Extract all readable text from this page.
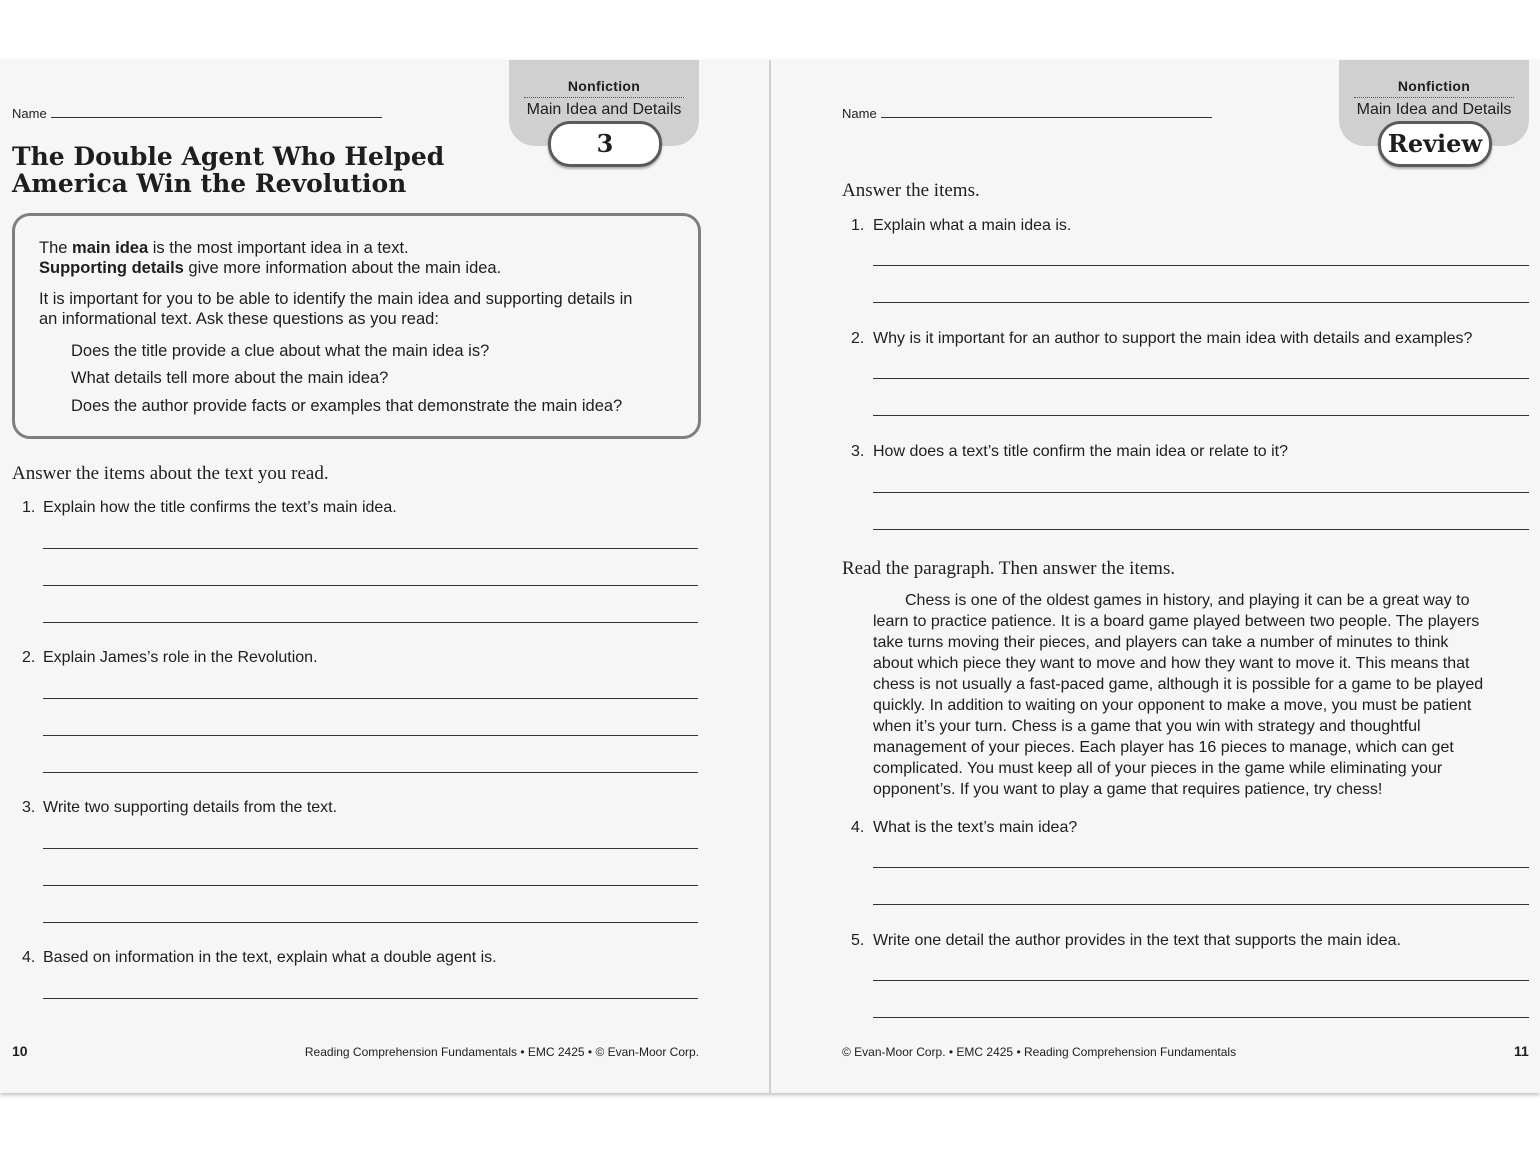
Name
Nonfiction
Main Idea and Details
3
The Double Agent Who Helped
America Win the Revolution
The main idea is the most important idea in a text.
Supporting details give more information about the main idea.
It is important for you to be able to identify the main idea and supporting details in
an informational text. Ask these questions as you read:
Does the title provide a clue about what the main idea is?
What details tell more about the main idea?
Does the author provide facts or examples that demonstrate the main idea?
Answer the items about the text you read.
1. Explain how the title confirms the text’s main idea.
2. Explain James’s role in the Revolution.
3. Write two supporting details from the text.
4. Based on information in the text, explain what a double agent is.
10	Reading Comprehension Fundamentals • EMC 2425 • © Evan-Moor Corp.
Name
Nonfiction
Main Idea and Details
Review
Answer the items.
1. Explain what a main idea is.
2. Why is it important for an author to support the main idea with details and examples?
3. How does a text’s title confirm the main idea or relate to it?
Read the paragraph. Then answer the items.
Chess is one of the oldest games in history, and playing it can be a great way to
learn to practice patience. It is a board game played between two people. The players
take turns moving their pieces, and players can take a number of minutes to think
about which piece they want to move and how they want to move it. This means that
chess is not usually a fast-paced game, although it is possible for a game to be played
quickly. In addition to waiting on your opponent to make a move, you must be patient
when it’s your turn. Chess is a game that you win with strategy and thoughtful
management of your pieces. Each player has 16 pieces to manage, which can get
complicated. You must keep all of your pieces in the game while eliminating your
opponent’s. If you want to play a game that requires patience, try chess!
4. What is the text’s main idea?
5. Write one detail the author provides in the text that supports the main idea.
© Evan-Moor Corp. • EMC 2425 • Reading Comprehension Fundamentals	11
